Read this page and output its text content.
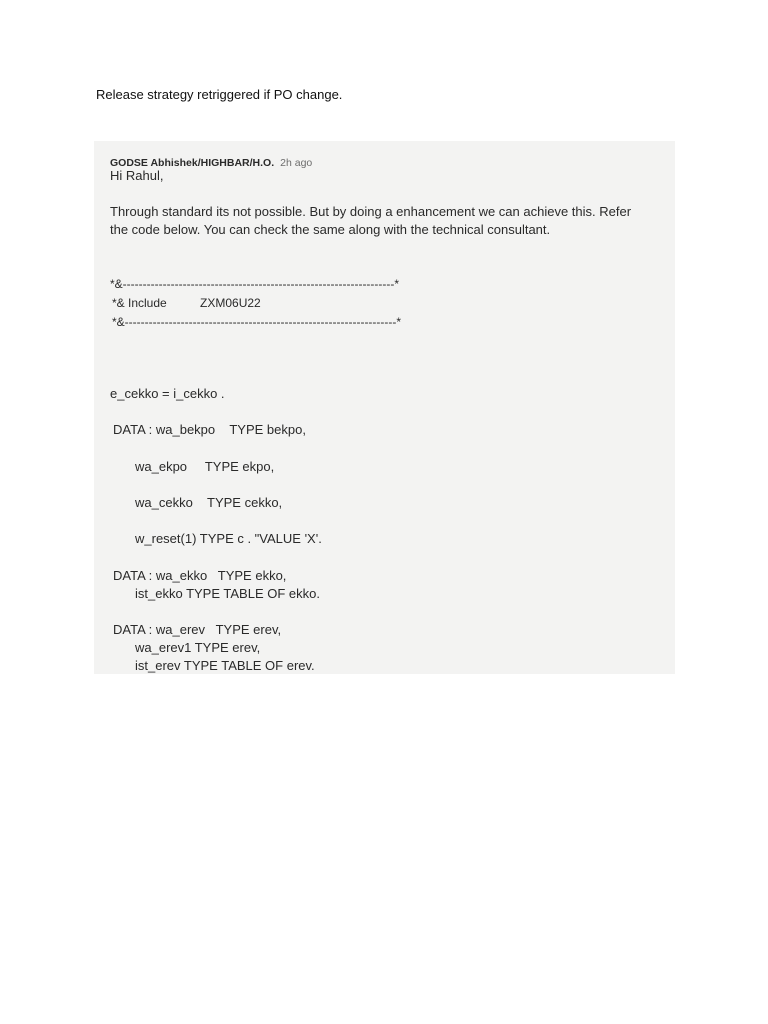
Release strategy retriggered if PO change.
GODSE Abhishek/HIGHBAR/H.O. 2h ago
Hi Rahul,
Through standard its not possible. But by doing a enhancement we can achieve this. Refer
the code below. You can check the same along with the technical consultant.
*&--------------------------------------------------------------------*
*& Include          ZXM06U22
*&--------------------------------------------------------------------*
e_cekko = i_cekko .
DATA : wa_bekpo    TYPE bekpo,
wa_ekpo     TYPE ekpo,
wa_cekko    TYPE cekko,
w_reset(1) TYPE c . "VALUE 'X'.
DATA : wa_ekko   TYPE ekko,
ist_ekko TYPE TABLE OF ekko.
DATA : wa_erev   TYPE erev,
wa_erev1 TYPE erev,
ist_erev TYPE TABLE OF erev.
